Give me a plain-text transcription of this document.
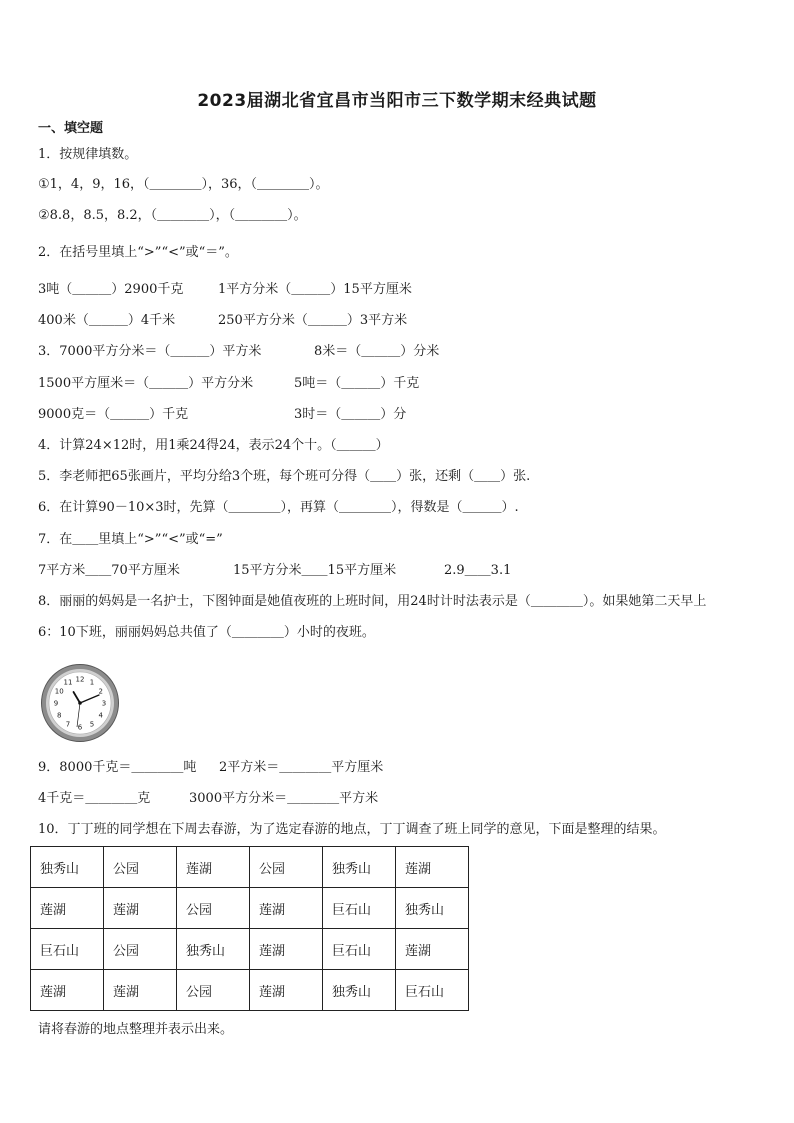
2023届湖北省宜昌市当阳市三下数学期末经典试题
一、填空题
1．按规律填数。
①1，4，9，16，（＿＿＿＿），36，（＿＿＿＿）。
②8.8，8.5，8.2，（＿＿＿＿），（＿＿＿＿）。
2．在括号里填上“>”“<”或“＝”。
3吨（＿＿＿）2900千克	1平方分米（＿＿＿）15平方厘米
400米（＿＿＿）4千米	250平方分米（＿＿＿）3平方米
3．7000平方分米＝（＿＿＿）平方米	8米＝（＿＿＿）分米
1500平方厘米＝（＿＿＿）平方分米	5吨＝（＿＿＿）千克
9000克＝（＿＿＿）千克	3时＝（＿＿＿）分
4．计算24×12时，用1乘24得24，表示24个十。（＿＿＿）
5．李老师把65张画片，平均分给3个班，每个班可分得（＿＿）张，还剩（＿＿）张.
6．在计算90－10×3时，先算（＿＿＿＿），再算（＿＿＿＿），得数是（＿＿＿）.
7．在＿＿里填上“>”“<”或“=”
7平方米＿＿70平方厘米	15平方分米＿＿15平方厘米	2.9＿＿3.1
8．丽丽的妈妈是一名护士，下图钟面是她值夜班的上班时间，用24时计时法表示是（＿＿＿＿）。如果她第二天早上
6：10下班，丽丽妈妈总共值了（＿＿＿＿）小时的夜班。
12 1
2
3
4
5
6
7
8
9
10
11
9．8000千克＝＿＿＿＿吨 2平方米＝＿＿＿＿平方厘米
4千克＝＿＿＿＿克	3000平方分米＝＿＿＿＿平方米
10．丁丁班的同学想在下周去春游，为了选定春游的地点，丁丁调查了班上同学的意见，下面是整理的结果。
独秀山	公园	莲湖	公园	独秀山	莲湖
莲湖	莲湖	公园	莲湖	巨石山	独秀山
巨石山	公园	独秀山	莲湖	巨石山	莲湖
莲湖	莲湖	公园	莲湖	独秀山	巨石山
请将春游的地点整理并表示出来。
